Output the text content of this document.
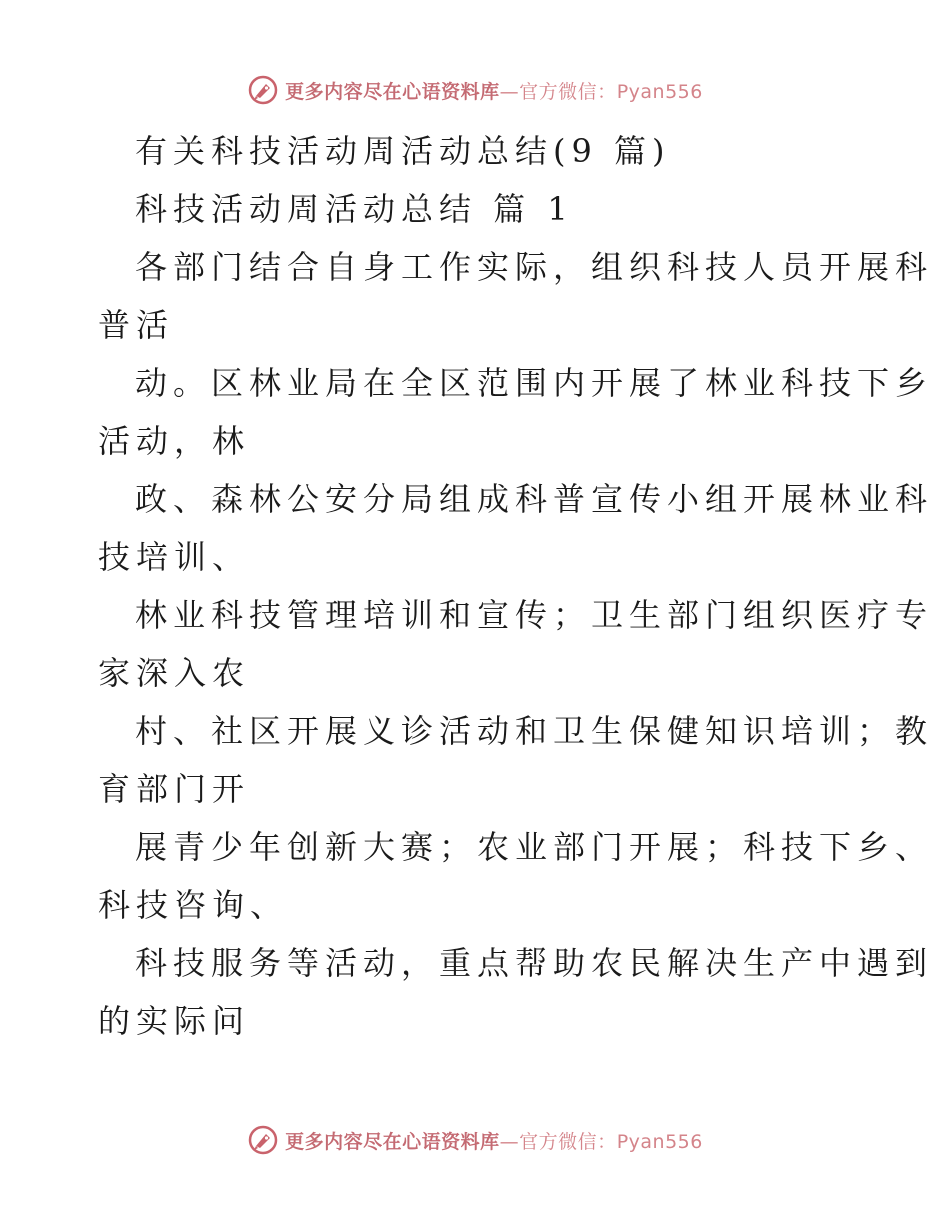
更多内容尽在心语资料库—官方微信：Pyan556
有关科技活动周活动总结(9 篇)
科技活动周活动总结 篇 1
各部门结合自身工作实际，组织科技人员开展科
普活
动。区林业局在全区范围内开展了林业科技下乡
活动，林
政、森林公安分局组成科普宣传小组开展林业科
技培训、
林业科技管理培训和宣传；卫生部门组织医疗专
家深入农
村、社区开展义诊活动和卫生保健知识培训；教
育部门开
展青少年创新大赛；农业部门开展；科技下乡、
科技咨询、
科技服务等活动，重点帮助农民解决生产中遇到
的实际问
更多内容尽在心语资料库—官方微信：Pyan556
